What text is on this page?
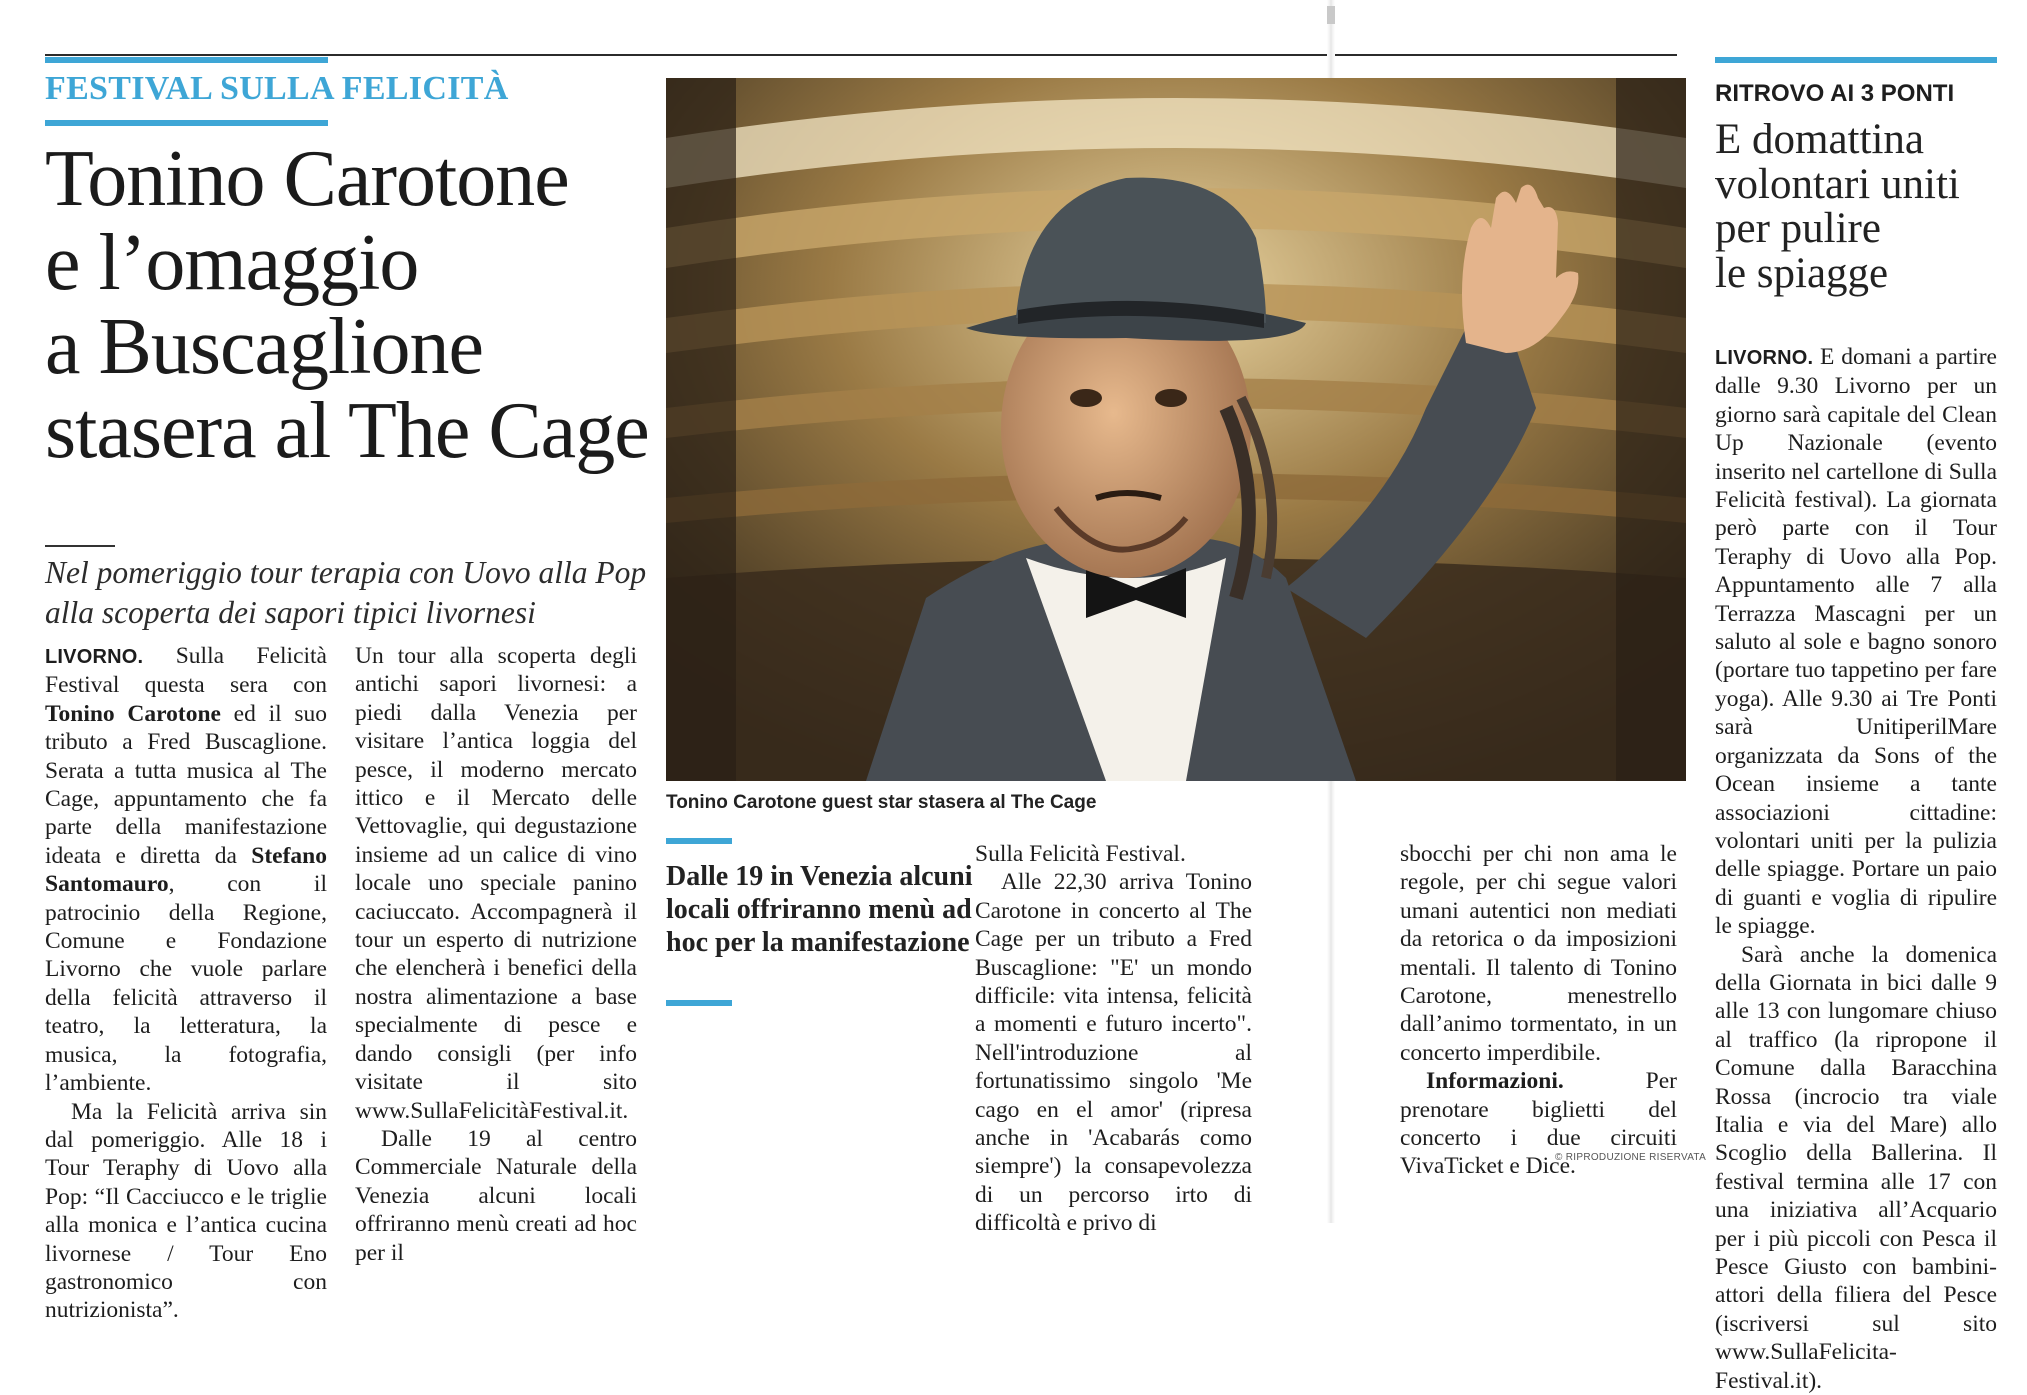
FESTIVAL SULLA FELICITÀ
Tonino Carotone
e l’omaggio
a Buscaglione
stasera al The Cage
Nel pomeriggio tour terapia con Uovo alla Pop alla scoperta dei sapori tipici livornesi

LIVORNO. Sulla Felicità Festival questa sera con Tonino Carotone ed il suo tributo a Fred Buscaglione. Serata a tutta musica al The Cage, appuntamento che fa parte della manifestazione ideata e diretta da Stefano Santomauro, con il patrocinio della Regione, Comune e Fondazione Livorno che vuole parlare della felicità attraverso il teatro, la letteratura, la musica, la fotografia, l’ambiente.

Ma la Felicità arriva sin dal pomeriggio. Alle 18 i Tour Teraphy di Uovo alla Pop: “Il Cacciucco e le triglie alla monica e l’antica cucina livornese / Tour Eno gastronomico con nutrizionista”.

Un tour alla scoperta degli antichi sapori livornesi: a piedi dalla Venezia per visitare l’antica loggia del pesce, il moderno mercato ittico e il Mercato delle Vettovaglie, qui degustazione insieme ad un calice di vino locale uno speciale panino caciuccato. Accompagnerà il tour un esperto di nutrizione che elencherà i benefici della nostra alimentazione a base specialmente di pesce e dando consigli (per info visitate il sito www.SullaFelicitàFestival.it.

Dalle 19 al centro Commerciale Naturale della Venezia alcuni locali offriranno menù creati ad hoc per il

Tonino Carotone guest star stasera al The Cage
Dalle 19 in Venezia alcuni locali offriranno menù ad hoc per la manifestazione

Sulla Felicità Festival.

Alle 22,30 arriva Tonino Carotone in concerto al The Cage per un tributo a Fred Buscaglione: "E' un mondo difficile: vita intensa, felicità a momenti e futuro incerto". Nell'introduzione al fortunatissimo singolo 'Me cago en el amor' (ripresa anche in 'Acabarás como siempre') la consapevolezza di un percorso irto di difficoltà e privo di

sbocchi per chi non ama le regole, per chi segue valori umani autentici non mediati da retorica o da imposizioni mentali. Il talento di Tonino Carotone, menestrello dall’animo tormentato, in un concerto imperdibile.

Informazioni. Per prenotare biglietti del concerto i due circuiti VivaTicket e Dice.

© RIPRODUZIONE RISERVATA
RITROVO AI 3 PONTI
E domattina
volontari uniti
per pulire
le spiagge

LIVORNO. E domani a partire dalle 9.30 Livorno per un giorno sarà capitale del Clean Up Nazionale (evento inserito nel cartellone di Sulla Felicità festival). La giornata però parte con il Tour Teraphy di Uovo alla Pop. Appuntamento alle 7 alla Terrazza Mascagni per un saluto al sole e bagno sonoro (portare tuo tappetino per fare yoga). Alle 9.30 ai Tre Ponti sarà UnitiperilMare organizzata da Sons of the Ocean insieme a tante associazioni cittadine: volontari uniti per la pulizia delle spiagge. Portare un paio di guanti e voglia di ripulire le spiagge.

Sarà anche la domenica della Giornata in bici dalle 9 alle 13 con lungomare chiuso al traffico (la ripropone il Comune dalla Baracchina Rossa (incrocio tra viale Italia e via del Mare) allo Scoglio della Ballerina. Il festival termina alle 17 con una iniziativa all’Acquario per i più piccoli con Pesca il Pesce Giusto con bambini-attori della filiera del Pesce (iscriversi sul sito www.SullaFelicita-Festival.it).
